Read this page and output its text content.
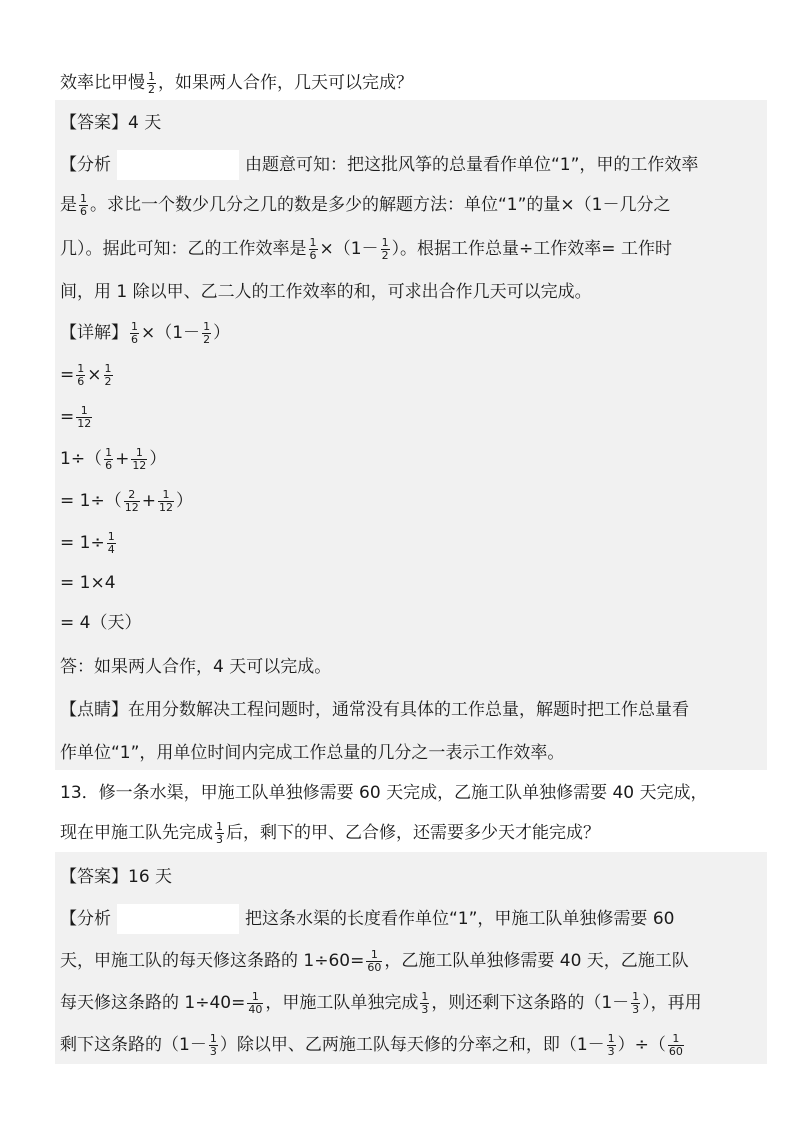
效率比甲慢 $\frac{1}{2}$ ，如果两人合作，几天可以完成？
【答案】4 天
【分析	由题意可知：把这批风筝的总量看作单位“1”，甲的工作效率
是 $\frac{1}{6}$ 。求比一个数少几分之几的数是多少的解题方法：单位“1”的量×（1－几分之
几）。据此可知：乙的工作效率是 $\frac{1}{6} \times(1- \frac{1}{2}$ ）。根据工作总量÷工作效率= 工作时
间，用 1 除以甲、乙二人的工作效率的和，可求出合作几天可以完成。
【详解】 $\frac{1}{6} \times(1- \frac{1}{2}$ ）
= $\frac{1}{6} \times \frac{1}{2}$
= $\frac{1}{12}$
$1\div( \frac{1}{6} + \frac{1}{12}$ ）
= $1\div( \frac{2}{12} + \frac{1}{12}$ ）
= $1\div \frac{1}{4}$
= 1×4
= 4（天）
答：如果两人合作，4 天可以完成。
【点睛】在用分数解决工程问题时，通常没有具体的工作总量，解题时把工作总量看
作单位“1”，用单位时间内完成工作总量的几分之一表示工作效率。
13．修一条水渠，甲施工队单独修需要 60 天完成，乙施工队单独修需要 40 天完成，
现在甲施工队先完成 $\frac{1}{3}$ 后，剩下的甲、乙合修，还需要多少天才能完成？
【答案】16 天
【分析	把这条水渠的长度看作单位“1”，甲施工队单独修需要 60
天，甲施工队的每天修这条路的 $1\div 60= \frac{1}{60}$ ，乙施工队单独修需要 40 天，乙施工队
每天修这条路的 $1\div 40= \frac{1}{40}$ ，甲施工队单独完成 $\frac{1}{3}$ ，则还剩下这条路的（$1- \frac{1}{3}$ ），再用
剩下这条路的（$1- \frac{1}{3}$ ）除以甲、乙两施工队每天修的分率之和，即（$1- \frac{1}{3}$ ）÷（ $\frac{1}{60}$
